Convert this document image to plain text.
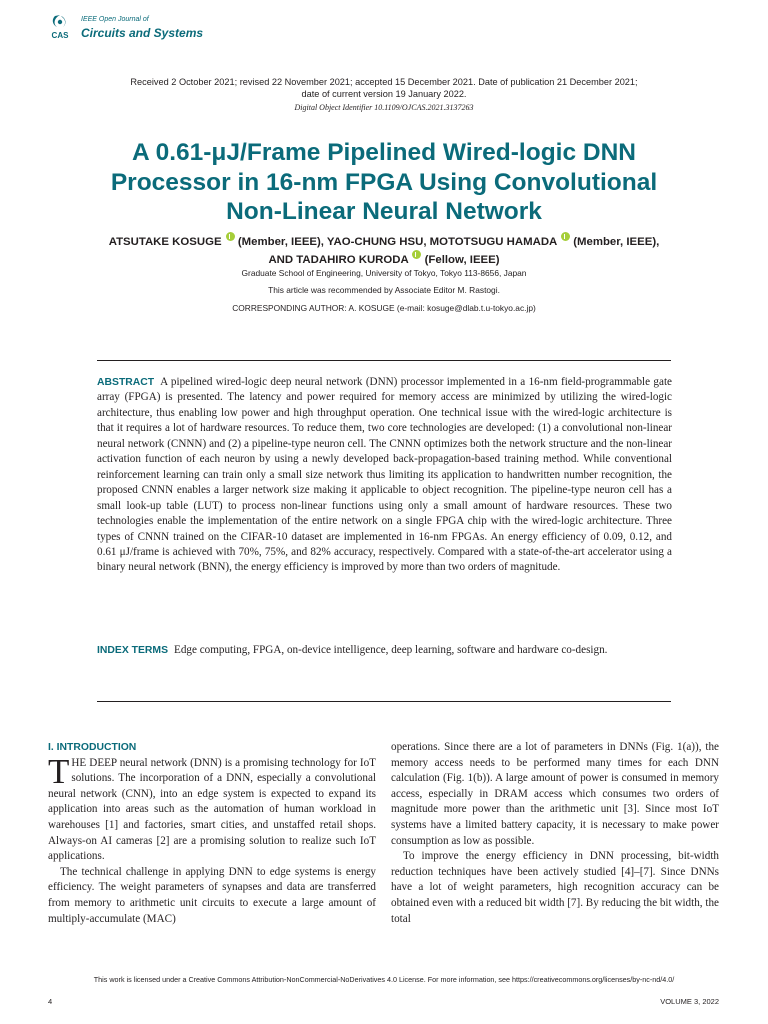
CAS
IEEE Open Journal of
Circuits and Systems
Received 2 October 2021; revised 22 November 2021; accepted 15 December 2021. Date of publication 21 December 2021;
date of current version 19 January 2022.
Digital Object Identifier 10.1109/OJCAS.2021.3137263
A 0.61-μJ/Frame Pipelined Wired-logic DNN
Processor in 16-nm FPGA Using Convolutional
Non-Linear Neural Network
ATSUTAKE KOSUGE (Member, IEEE), YAO-CHUNG HSU, MOTOTSUGU HAMADA (Member, IEEE),
AND TADAHIRO KURODA (Fellow, IEEE)
Graduate School of Engineering, University of Tokyo, Tokyo 113-8656, Japan
This article was recommended by Associate Editor M. Rastogi.
CORRESPONDING AUTHOR: A. KOSUGE (e-mail: kosuge@dlab.t.u-tokyo.ac.jp)
ABSTRACT A pipelined wired-logic deep neural network (DNN) processor implemented in a 16-nm field-programmable gate array (FPGA) is presented. The latency and power required for memory access are minimized by utilizing the wired-logic architecture, thus enabling low power and high throughput operation. One technical issue with the wired-logic architecture is that it requires a lot of hardware resources. To reduce them, two core technologies are developed: (1) a convolutional non-linear neural network (CNNN) and (2) a pipeline-type neuron cell. The CNNN optimizes both the network structure and the non-linear activation function of each neuron by using a newly developed back-propagation-based training method. While conventional reinforcement learning can train only a small size network thus limiting its application to handwritten number recognition, the proposed CNNN enables a larger network size making it applicable to object recognition. The pipeline-type neuron cell has a small look-up table (LUT) to process non-linear functions using only a small amount of hardware resources. These two technologies enable the implementation of the entire network on a single FPGA chip with the wired-logic architecture. Three types of CNNN trained on the CIFAR-10 dataset are implemented in 16-nm FPGAs. An energy efficiency of 0.09, 0.12, and 0.61 μJ/frame is achieved with 70%, 75%, and 82% accuracy, respectively. Compared with a state-of-the-art accelerator using a binary neural network (BNN), the energy efficiency is improved by more than two orders of magnitude.
INDEX TERMS Edge computing, FPGA, on-device intelligence, deep learning, software and hardware co-design.
I. INTRODUCTION
THE DEEP neural network (DNN) is a promising technology for IoT solutions. The incorporation of a DNN, especially a convolutional neural network (CNN), into an edge system is expected to expand its application into areas such as the automation of human workload in warehouses [1] and factories, smart cities, and unstaffed retail shops. Always-on AI cameras [2] are a promising solution to realize such IoT applications.
The technical challenge in applying DNN to edge systems is energy efficiency. The weight parameters of synapses and data are transferred from memory to arithmetic unit circuits to execute a large amount of multiply-accumulate (MAC)
operations. Since there are a lot of parameters in DNNs (Fig. 1(a)), the memory access needs to be performed many times for each DNN calculation (Fig. 1(b)). A large amount of power is consumed in memory access, especially in DRAM access which consumes two orders of magnitude more power than the arithmetic unit [3]. Since most IoT systems have a limited battery capacity, it is necessary to make power consumption as low as possible.
To improve the energy efficiency in DNN processing, bit-width reduction techniques have been actively studied [4]–[7]. Since DNNs have a lot of weight parameters, high recognition accuracy can be obtained even with a reduced bit width [7]. By reducing the bit width, the total
This work is licensed under a Creative Commons Attribution-NonCommercial-NoDerivatives 4.0 License. For more information, see https://creativecommons.org/licenses/by-nc-nd/4.0/
4	VOLUME 3, 2022
